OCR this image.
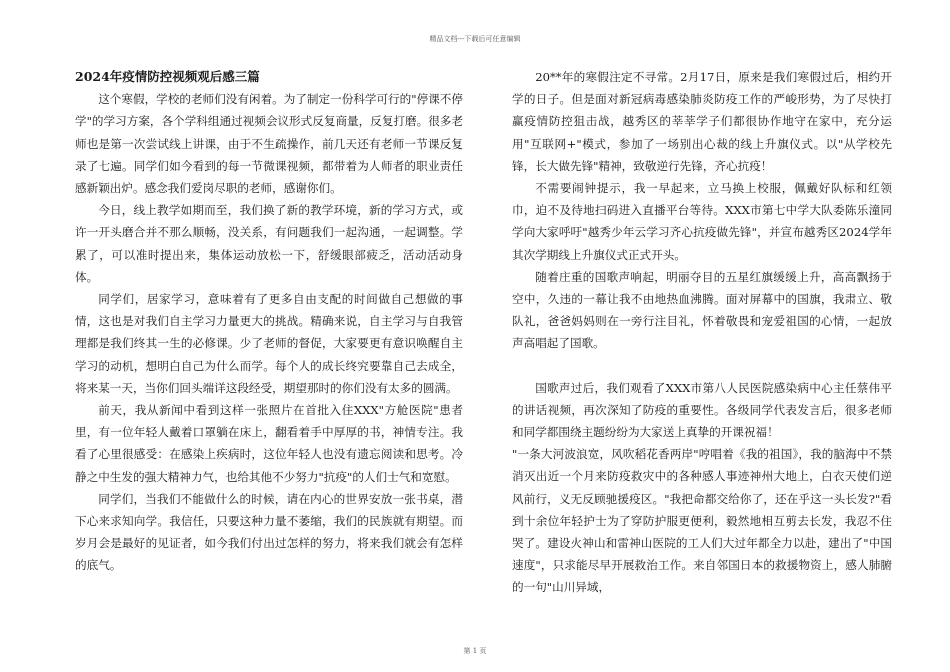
精品文档---下载后可任意编辑
2024年疫情防控视频观后感三篇

这个寒假，学校的老师们没有闲着。为了制定一份科学可行的"停课不停学"的学习方案，各个学科组通过视频会议形式反复商量，反复打磨。很多老师也是第一次尝试线上讲课，由于不生疏操作，前几天还有老师一节课反复录了七遍。同学们如今看到的每一节微课视频，都带着为人师者的职业责任感新颖出炉。感念我们爱岗尽职的老师，感谢你们。

今日，线上教学如期而至，我们换了新的教学环境，新的学习方式，或许一开头磨合并不那么顺畅，没关系，有问题我们一起沟通，一起调整。学累了，可以准时提出来，集体运动放松一下，舒缓眼部疲乏，活动活动身体。

同学们，居家学习，意味着有了更多自由支配的时间做自己想做的事情，这也是对我们自主学习力量更大的挑战。精确来说，自主学习与自我管理都是我们终其一生的必修课。少了老师的督促，大家要更有意识唤醒自主学习的动机，想明白自己为什么而学。每个人的成长终究要靠自己去成全，将来某一天，当你们回头端详这段经受，期望那时的你们没有太多的圆满。

前天，我从新闻中看到这样一张照片在首批入住XXX"方舱医院"患者里，有一位年轻人戴着口罩躺在床上，翻看着手中厚厚的书，神情专注。我看了心里很感受：在感染上疾病时，这位年轻人也没有遗忘阅读和思考。冷静之中生发的强大精神力气，也给其他不少努力"抗疫"的人们士气和宽慰。

同学们，当我们不能做什么的时候，请在内心的世界安放一张书桌，潜下心来求知向学。我信任，只要这种力量不萎缩，我们的民族就有期望。而岁月会是最好的见证者，如今我们付出过怎样的努力，将来我们就会有怎样的底气。

20**年的寒假注定不寻常。2月17日，原来是我们寒假过后，相约开学的日子。但是面对新冠病毒感染肺炎防疫工作的严峻形势，为了尽快打赢疫情防控狙击战，越秀区的莘莘学子们都很协作地守在家中，充分运用"互联网+"模式，参加了一场别出心裁的线上升旗仪式。以"从学校先锋，长大做先锋"精神，致敬逆行先锋，齐心抗疫！

不需要闹钟提示，我一早起来，立马换上校服，佩戴好队标和红领巾，迫不及待地扫码进入直播平台等待。XXX市第七中学大队委陈乐潼同学向大家呼吁"越秀少年云学习齐心抗疫做先锋"，并宣布越秀区2024学年其次学期线上升旗仪式正式开头。

随着庄重的国歌声响起，明丽夺目的五星红旗缓缓上升，高高飘扬于空中，久违的一幕让我不由地热血沸腾。面对屏幕中的国旗，我肃立、敬队礼，爸爸妈妈则在一旁行注目礼，怀着敬畏和宠爱祖国的心情，一起放声高唱起了国歌。

国歌声过后，我们观看了XXX市第八人民医院感染病中心主任蔡伟平的讲话视频，再次深知了防疫的重要性。各级同学代表发言后，很多老师和同学都围绕主题纷纷为大家送上真挚的开课祝福！

"一条大河波浪宽，风吹稻花香两岸"哼唱着《我的祖国》，我的脑海中不禁消灭出近一个月来防疫救灾中的各种感人事迹神州大地上，白衣天使们逆风前行，义无反顾驰援疫区。"我把命都交给你了，还在乎这一头长发?"看到十余位年轻护士为了穿防护服更便利，毅然地相互剪去长发，我忍不住哭了。建设火神山和雷神山医院的工人们大过年都全力以赴，建出了"中国速度"，只求能尽早开展救治工作。来自邻国日本的救援物资上，感人肺腑的一句"山川异域，

第 1 页
